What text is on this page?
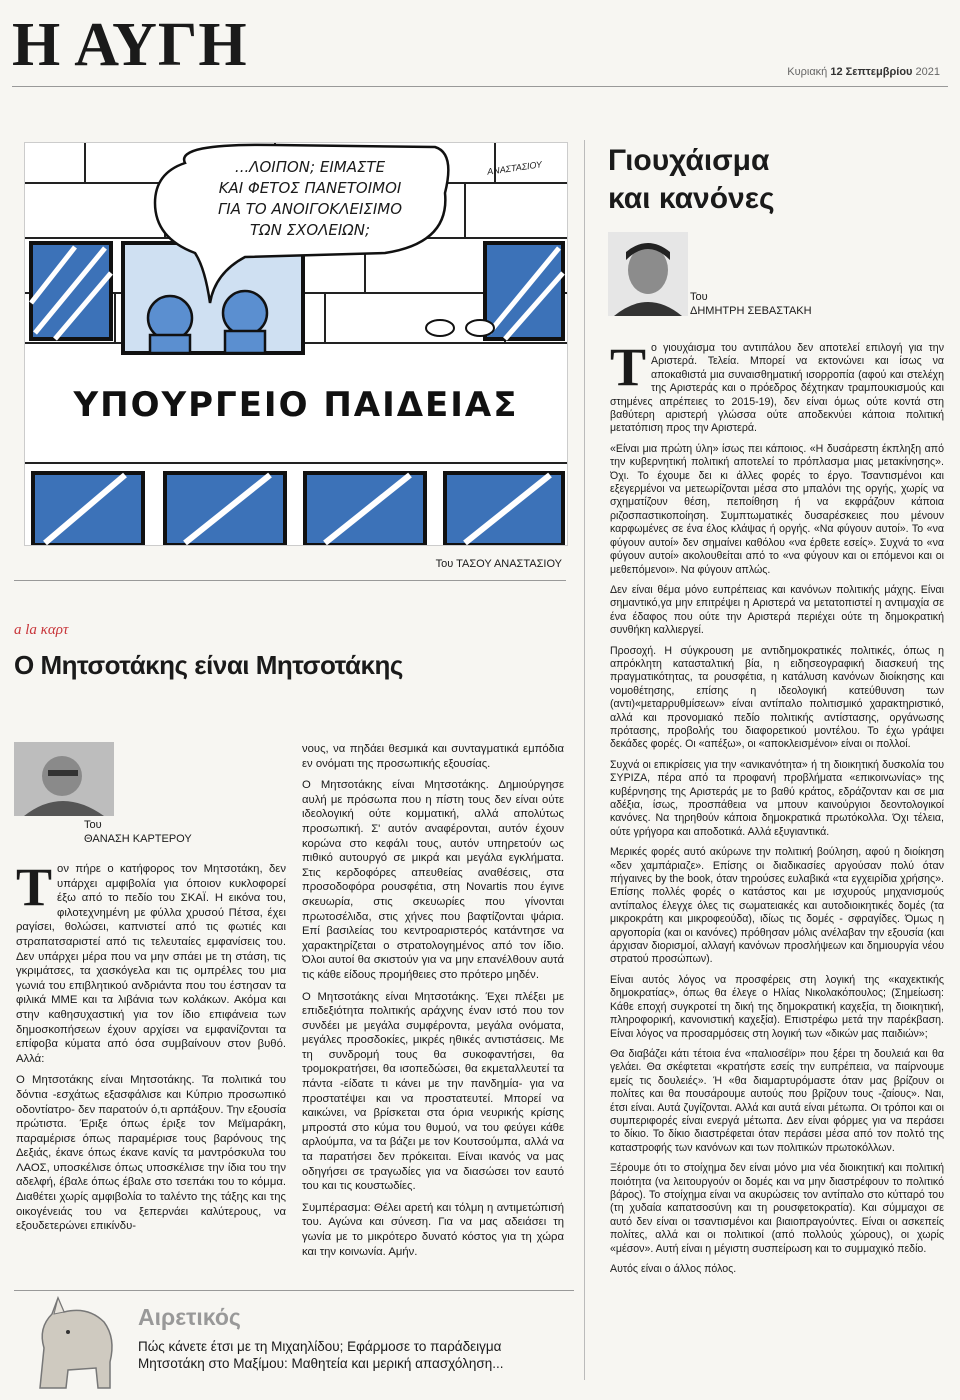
Η ΑΥΓΗ	Κυριακή 12 Σεπτεμβρίου 2021
...ΛΟΙΠΟΝ; ΕΙΜΑΣΤΕ
ΚΑΙ ΦΕΤΟΣ ΠΑΝΕΤΟΙΜΟΙ
ΓΙΑ ΤΟ ΑΝΟΙΓΟΚΛΕΙΣΙΜΟ
ΤΩΝ ΣΧΟΛΕΙΩΝ;
ΑΝΑΣΤΑΣΙΟΥ
ΥΠΟΥΡΓΕΙΟ ΠΑΙΔΕΙΑΣ
Του ΤΑΣΟΥ ΑΝΑΣΤΑΣΙΟΥ
a la καρτ
Ο Μητσοτάκης είναι Μητσοτάκης
Του
ΘΑΝΑΣΗ ΚΑΡΤΕΡΟΥ
Τ ον πήρε ο κατήφορος τον Μητσοτάκη, δεν υπάρχει αμφιβολία για όποιον κυκλοφορεί έξω από το πεδίο του ΣΚΑΪ. Η εικόνα του, φιλοτεχνημένη με φύλλα χρυσού Πέτσα, έχει ραγίσει, θολώσει, καπνιστεί από τις φωτιές και στραπατσαριστεί από τις τελευταίες εμφανίσεις του. Δεν υπάρχει μέρα που να μην σπάει με τη στάση, τις γκριμάτσες, τα χασκόγελα και τις ομπρέλες του μια γωνιά του επιβλητικού ανδριάντα που του έστησαν τα φιλικά ΜΜΕ και τα λιβάνια των κολάκων. Ακόμα και στην καθησυχαστική για τον ίδιο επιφάνεια των δημοσκοπήσεων έχουν αρχίσει να εμφανίζονται τα επίφοβα κύματα από όσα συμβαίνουν στον βυθό. Αλλά:

Ο Μητσοτάκης είναι Μητσοτάκης. Τα πολιτικά του δόντια -εσχάτως εξασφάλισε και Κύπριο προσωπικό οδοντίατρο- δεν παρατούν ό,τι αρπάξουν. Την εξουσία πρώτιστα. Έριξε όπως έριξε τον Μεϊμαράκη, παραμέρισε όπως παραμέρισε τους βαρόνους της Δεξιάς, έκανε όπως έκανε κανίς τα μαντρόσκυλα του ΛΑΟΣ, υποσκέλισε όπως υποσκέλισε την ίδια του την αδελφή, έβαλε όπως έβαλε στο τσεπάκι του το κόμμα. Διαθέτει χωρίς αμφιβολία το ταλέντο της τάξης και της οικογένειάς του να ξεπερνάει καλύτερους, να εξουδετερώνει επικίνδυ-

νους, να πηδάει θεσμικά και συνταγματικά εμπόδια εν ονόματι της προσωπικής εξουσίας.

Ο Μητσοτάκης είναι Μητσοτάκης. Δημιούργησε αυλή με πρόσωπα που η πίστη τους δεν είναι ούτε ιδεολογική ούτε κομματική, αλλά απολύτως προσωπική. Σ' αυτόν αναφέρονται, αυτόν έχουν κορώνα στο κεφάλι τους, αυτόν υπηρετούν ως πιθικό αυτουργό σε μικρά και μεγάλα εγκλήματα. Στις κερδοφόρες απευθείας αναθέσεις, στα προσοδοφόρα ρουσφέτια, στη Novartis που έγινε σκευωρία, στις σκευωρίες που γίνονται πρωτοσέλιδα, στις χήνες που βαφτίζονται ψάρια. Επί βασιλείας του κεντροαριστερός κατάντησε να χαρακτηρίζεται ο στρατολογημένος από τον ίδιο. Όλοι αυτοί θα σκιστούν για να μην επανέλθουν αυτά τις κάθε είδους προμήθειες στο πρότερο μηδέν.

Ο Μητσοτάκης είναι Μητσοτάκης. Έχει πλέξει με επιδεξιότητα πολιτικής αράχνης έναν ιστό που τον συνδέει με μεγάλα συμφέροντα, μεγάλα ονόματα, μεγάλες προσδοκίες, μικρές ηθικές αντιστάσεις. Με τη συνδρομή τους θα συκοφαντήσει, θα τρομοκρατήσει, θα ισοπεδώσει, θα εκμεταλλευτεί τα πάντα -είδατε τι κάνει με την πανδημία- για να προστατέψει και να προστατευτεί. Μπορεί να καικώνει, να βρίσκεται στα όρια νευρικής κρίσης μπροστά στο κύμα του θυμού, να του φεύγει κάθε αρλούμπα, να τα βάζει με τον Κουτσούμπα, αλλά να τα παρατήσει δεν πρόκειται. Είναι ικανός να μας οδηγήσει σε τραγωδίες για να διασώσει τον εαυτό του και τις κουστωδίες.

Συμπέρασμα: Θέλει αρετή και τόλμη η αντιμετώπισή του. Αγώνα και σύνεση. Για να μας αδειάσει τη γωνία με το μικρότερο δυνατό κόστος για τη χώρα και την κοινωνία. Αμήν.

Γιουχάισμα
και κανόνες
Του
ΔΗΜΗΤΡΗ ΣΕΒΑΣΤΑΚΗ
Τ ο γιουχάισμα του αντιπάλου δεν αποτελεί επιλογή για την Αριστερά. Τελεία. Μπορεί να εκτονώνει και ίσως να αποκαθιστά μια συναισθηματική ισορροπία (αφού και στελέχη της Αριστεράς και ο πρόεδρος δέχτηκαν τραμπουκισμούς και στημένες απρέπειες το 2015-19), δεν είναι όμως ούτε κοντά στη βαθύτερη αριστερή γλώσσα ούτε αποδεκνύει κάποια πολιτική μετατόπιση προς την Αριστερά.

«Είναι μια πρώτη ύλη» ίσως πει κάποιος. «Η δυσάρεστη έκπληξη από την κυβερνητική πολιτική αποτελεί το πρόπλασμα μιας μετακίνησης». Όχι. Το έχουμε δει κι άλλες φορές το έργο. Τσαντισμένοι και εξεγερμένοι να μετεωρίζονται μέσα στο μπαλόνι της οργής, χωρίς να σχηματίζουν θέση, πεποίθηση ή να εκφράζουν κάποια ριζοσπαστικοποίηση. Συμπτωματικές δυσαρέσκειες που μένουν καρφωμένες σε ένα έλος κλάψας ή οργής. «Να φύγουν αυτοί». Το «να φύγουν αυτοί» δεν σημαίνει καθόλου «να έρθετε εσείς». Συχνά το «να φύγουν αυτοί» ακολουθείται από το «να φύγουν και οι επόμενοι και οι μεθεπόμενοι». Να φύγουν απλώς.

Δεν είναι θέμα μόνο ευπρέπειας και κανόνων πολιτικής μάχης. Είναι σημαντικό,γα μην επιτρέψει η Αριστερά να μετατοπιστεί η αντιμαχία σε ένα έδαφος που ούτε την Αριστερά περιέχει ούτε τη δημοκρατική συνθήκη καλλιεργεί.

Προσοχή. Η σύγκρουση με αντιδημοκρατικές πολιτικές, όπως η απρόκλητη κατασταλτική βία, η ειδησεογραφική διασκευή της πραγματικότητας, τα ρουσφέτια, η κατάλυση κανόνων διοίκησης και νομοθέτησης, επίσης η ιδεολογική κατεύθυνση των (αντι)«μεταρρυθμίσεων» είναι αντίπαλο πολιτισμικό χαρακτηριστικό, αλλά και προνομιακό πεδίο πολιτικής αντίστασης, οργάνωσης πρότασης, προβολής του διαφορετικού μοντέλου. Το έχω γράψει δεκάδες φορές. Οι «απέξω», οι «αποκλεισμένοι» είναι οι πολλοί.

Συχνά οι επικρίσεις για την «ανικανότητα» ή τη διοικητική δυσκολία του ΣΥΡΙΖΑ, πέρα από τα προφανή προβλήματα «επικοινωνίας» της κυβέρνησης της Αριστεράς με το βαθύ κράτος, εδράζονταν και σε μια αδέξια, ίσως, προσπάθεια να μπουν καινούργιοι δεοντολογικοί κανόνες. Να τηρηθούν κάποια δημοκρατικά πρωτόκολλα. Όχι τέλεια, ούτε γρήγορα και αποδοτικά. Αλλά εξυγιαντικά.

Μερικές φορές αυτό ακύρωνε την πολιτική βούληση, αφού η διοίκηση «δεν χαμπάριαζε». Επίσης οι διαδικασίες αργούσαν πολύ όταν πήγαινες by the book, όταν τηρούσες ευλαβικά «τα εγχειρίδια χρήσης». Επίσης πολλές φορές ο κατάστος και με ισχυρούς μηχανισμούς αντίπαλος έλεγχε όλες τις σωματειακές και αυτοδιοικητικές δομές (τα μικροκράτη και μικροφεούδα), ιδίως τις δομές - σφραγίδες. Όμως η αργοπορία (και οι κανόνες) πρόθησαν μόλις ανέλαβαν την εξουσία (και άρχισαν διορισμοί, αλλαγή κανόνων προσλήψεων και δημιουργία νέου στρατού προσώπων).

Είναι αυτός λόγος να προσφέρεις στη λογική της «καχεκτικής δημοκρατίας», όπως θα έλεγε ο Ηλίας Νικολακόπουλος; (Σημείωση: Κάθε εποχή συγκροτεί τη δική της δημοκρατική καχεξία, τη διοικητική, πληροφορική, κανονιστική καχεξία). Επιστρέφω μετά την παρέκβαση. Είναι λόγος να προσαρμόσεις στη λογική των «δικών μας παιδιών»;

Θα διαβάζει κάτι τέτοια ένα «παλιοσέϊρι» που ξέρει τη δουλειά και θα γελάει. Θα σκέφτεται «κρατήστε εσείς την ευπρέπεια, να παίρνουμε εμείς τις δουλειές». Ή «θα διαμαρτυρόμαστε όταν μας βρίζουν οι πολίτες και θα πουσάρουμε αυτούς που βρίζουν τους -ζαίους». Ναι, έτσι είναι. Αυτά ζυγίζονται. Αλλά και αυτά είναι μέτωπα. Οι τρόποι και οι συμπεριφορές είναι ενεργά μέτωπα. Δεν είναι φόρμες για να περάσει το δίκιο. Το δίκιο διαστρέφεται όταν περάσει μέσα από τον πολτό της καταστροφής των κανόνων και των πολιτικών πρωτοκόλλων.

Ξέρουμε ότι το στοίχημα δεν είναι μόνο μια νέα διοικητική και πολιτική ποιότητα (να λειτουργούν οι δομές και να μην διαστρέφουν το πολιτικό βάρος). Το στοίχημα είναι να ακυρώσεις τον αντίπαλο στο κύτταρό του (τη χυδαία καπατσοσύνη και τη ρουσφετοκρατία). Και σύμμαχοι σε αυτό δεν είναι οι τσαντισμένοι και βιαιοπραγούντες. Είναι οι ασκεπείς πολίτες, αλλά και οι πολιτικοί (από πολλούς χώρους), οι χωρίς «μέσον». Αυτή είναι η μέγιστη συσπείρωση και το συμμαχικό πεδίο.

Αυτός είναι ο άλλος πόλος.

Αιρετικός
Πώς κάνετε έτσι με τη Μιχαηλίδου; Εφάρμοσε το παράδειγμα
Μητσοτάκη στο Μαξίμου: Μαθητεία και μερική απασχόληση...
